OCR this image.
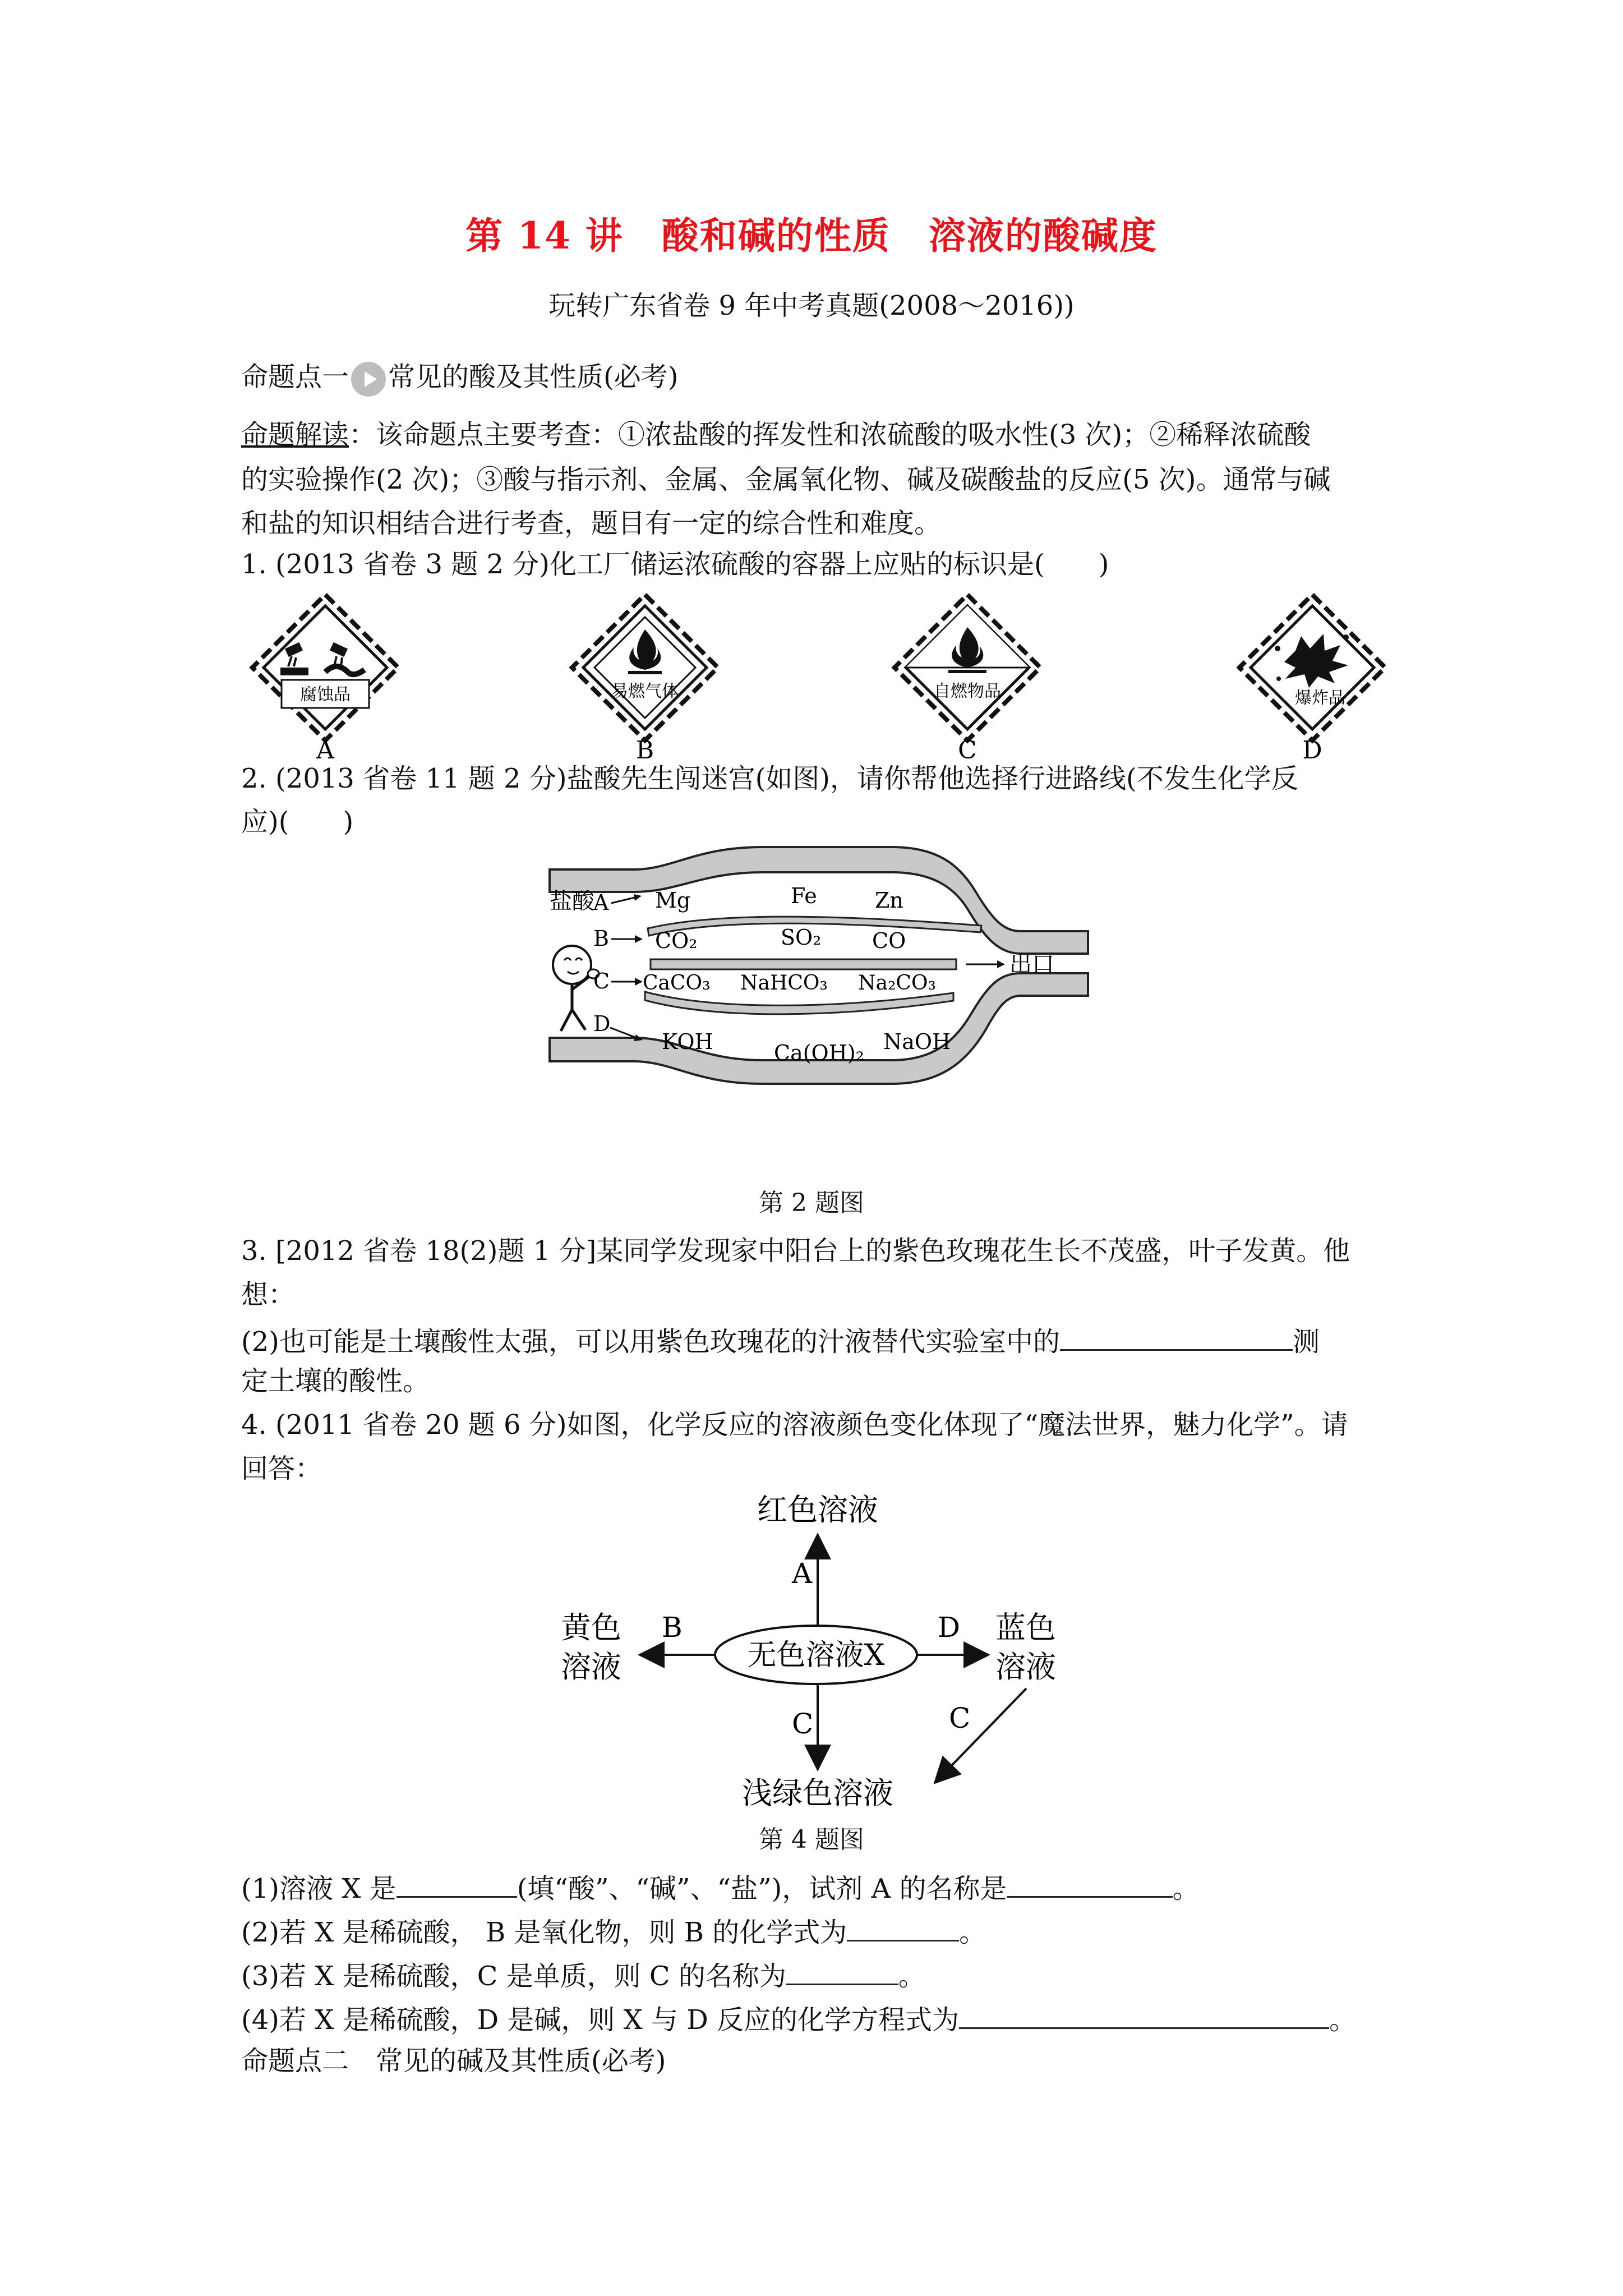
第 14 讲　酸和碱的性质　溶液的酸碱度
玩转广东省卷 9 年中考真题(2008～2016))
命题点一 常见的酸及其性质(必考)
命题解读：该命题点主要考查：①浓盐酸的挥发性和浓硫酸的吸水性(3 次)；②稀释浓硫酸
的实验操作(2 次)；③酸与指示剂、金属、金属氧化物、碱及碳酸盐的反应(5 次)。通常与碱
和盐的知识相结合进行考查，题目有一定的综合性和难度。
1. (2013 省卷 3 题 2 分)化工厂储运浓硫酸的容器上应贴的标识是(　　)
腐蚀品	易燃气体	自燃物品	爆炸品
A	B	C	D
2. (2013 省卷 11 题 2 分)盐酸先生闯迷宫(如图)，请你帮他选择行进路线(不发生化学反
应)(　　)
盐酸
A
B
C
D
Mg	Fe	Zn
CO₂	SO₂ CO
CaCO₃ NaHCO₃ Na₂CO₃
KOH	Ca(OH)₂ NaOH
出口
第 2 题图
3. [2012 省卷 18(2)题 1 分]某同学发现家中阳台上的紫色玫瑰花生长不茂盛，叶子发黄。他
想：
(2)也可能是土壤酸性太强，可以用紫色玫瑰花的汁液替代实验室中的	测
定土壤的酸性。
4. (2011 省卷 20 题 6 分)如图，化学反应的溶液颜色变化体现了“魔法世界，魅力化学”。请
回答：
红色溶液
A
无色溶液X
B
黄色
溶液
D 蓝色
溶液
C	C
浅绿色溶液
第 4 题图
(1)溶液 X 是	(填“酸”、“碱”、“盐”)，试剂 A 的名称是	。
(2)若 X 是稀硫酸， B 是氧化物，则 B 的化学式为	。
(3)若 X 是稀硫酸，C 是单质，则 C 的名称为	。
(4)若 X 是稀硫酸，D 是碱，则 X 与 D 反应的化学方程式为	。
命题点二　常见的碱及其性质(必考)
